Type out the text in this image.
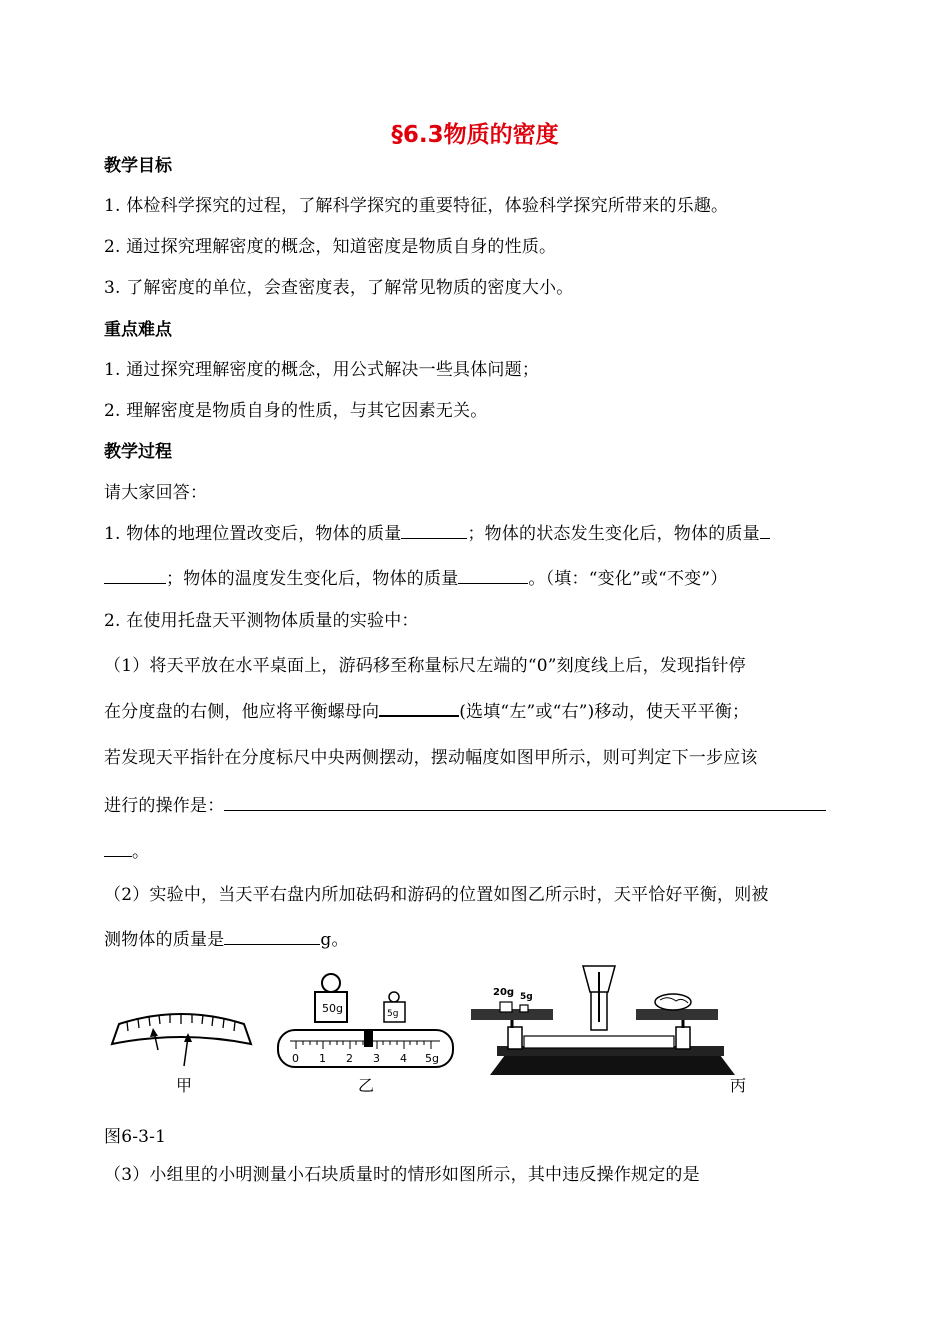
§6.3物质的密度
教学目标
1. 体检科学探究的过程，了解科学探究的重要特征，体验科学探究所带来的乐趣。
2. 通过探究理解密度的概念，知道密度是物质自身的性质。
3. 了解密度的单位，会查密度表，了解常见物质的密度大小。
重点难点
1. 通过探究理解密度的概念，用公式解决一些具体问题；
2. 理解密度是物质自身的性质，与其它因素无关。
教学过程
请大家回答：
1. 物体的地理位置改变后，物体的质量	；物体的状态发生变化后，物体的质量
；物体的温度发生变化后，物体的质量	。（填：“变化”或“不变”）
2. 在使用托盘天平测物体质量的实验中：
（1）将天平放在水平桌面上，游码移至称量标尺左端的“0”刻度线上后，发现指针停
在分度盘的右侧，他应将平衡螺母向	(选填“左”或“右”)移动，使天平平衡；
若发现天平指针在分度标尺中央两侧摆动，摆动幅度如图甲所示，则可判定下一步应该
进行的操作是：
。
（2）实验中，当天平右盘内所加砝码和游码的位置如图乙所示时，天平恰好平衡，则被
测物体的质量是	g。
甲
50g	5g
0 1 2 3 4 5g
乙
20g 5g
丙
图6-3-1
（3）小组里的小明测量小石块质量时的情形如图所示，其中违反操作规定的是
